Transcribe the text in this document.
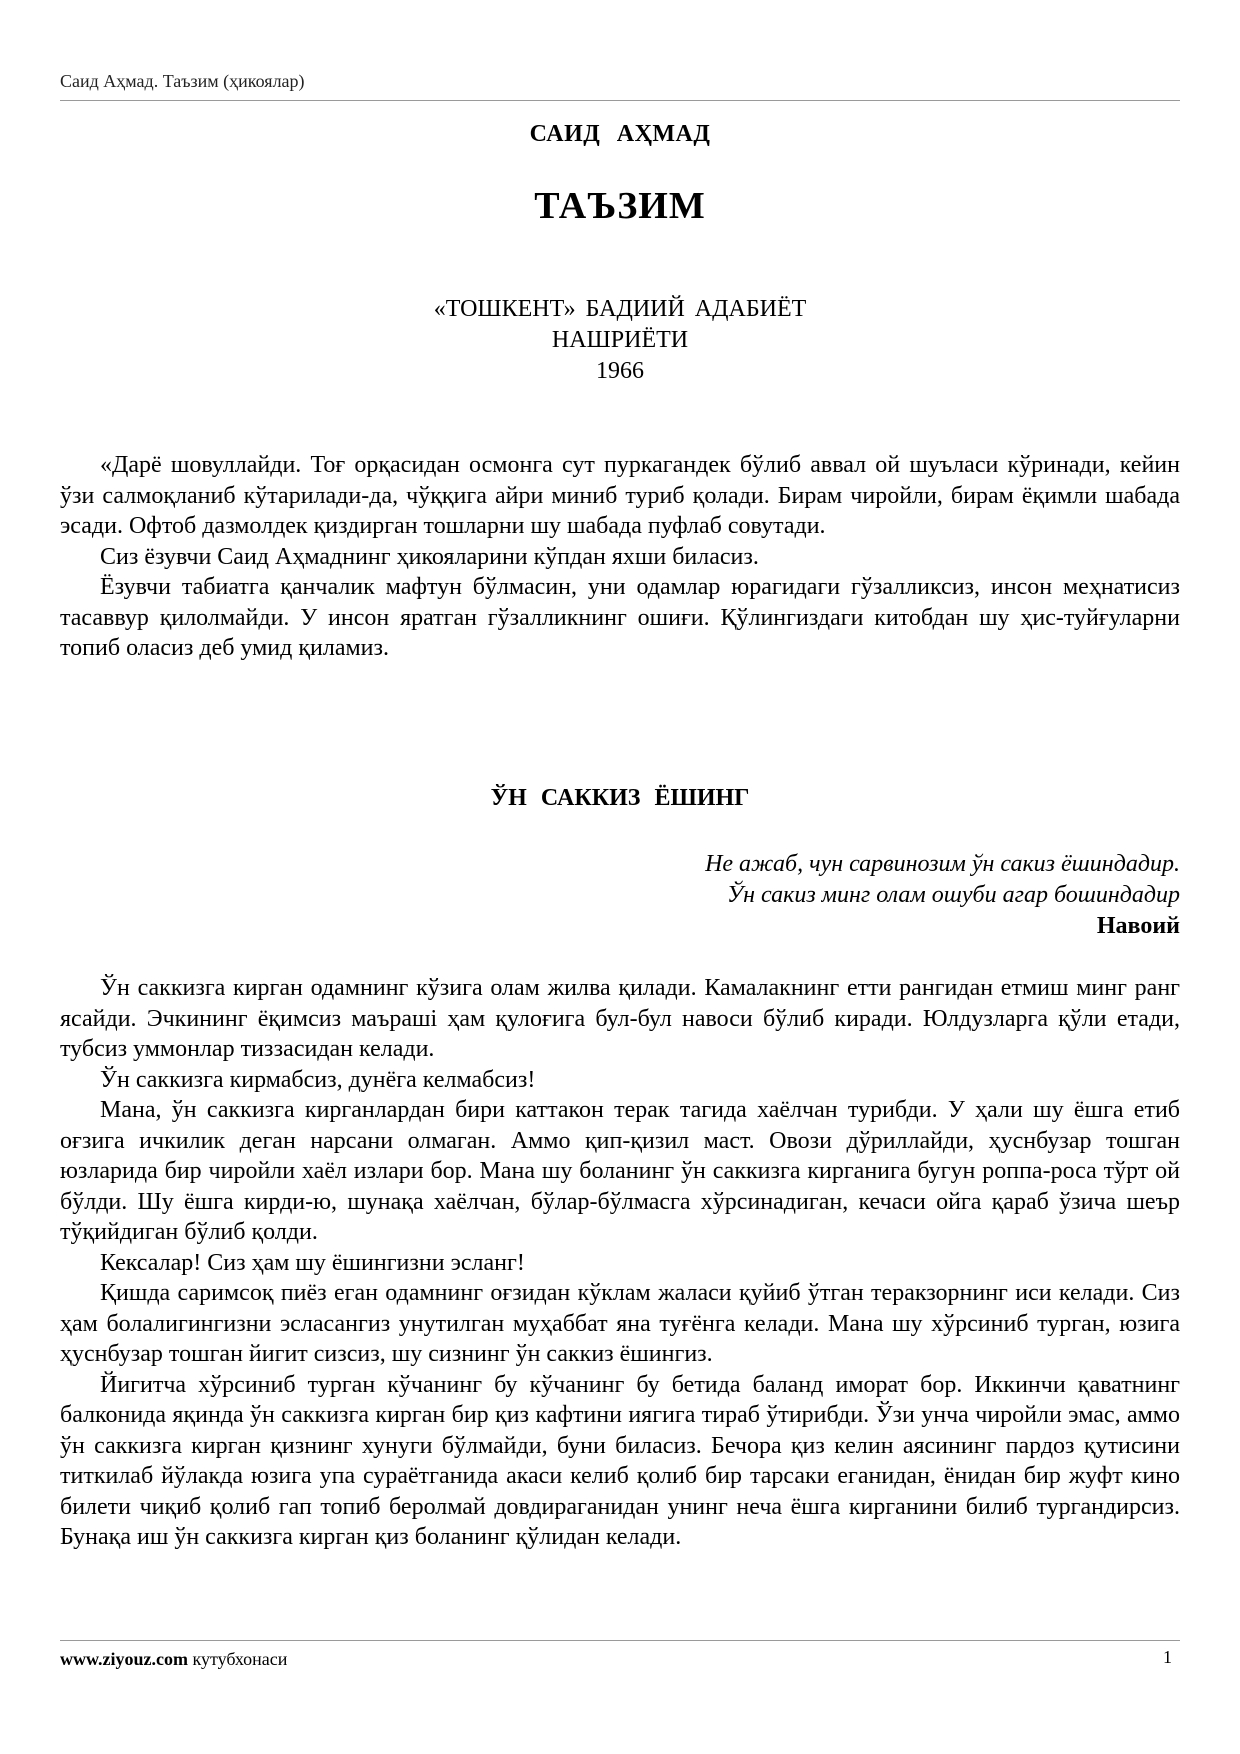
Саид Аҳмад. Таъзим (ҳикоялар)
САИД АҲМАД
ТАЪЗИМ
«ТОШКЕНТ» БАДИИЙ АДАБИЁТ
НАШРИЁТИ
1966

«Дарё шовуллайди. Тоғ орқасидан осмонга сут пуркагандек бўлиб аввал ой шуъласи кўринади, кейин ўзи салмоқланиб кўтарилади-да, чўққига айри миниб туриб қолади. Бирам чиройли, бирам ёқимли шабада эсади. Офтоб дазмолдек қиздирган тошларни шу шабада пуфлаб совутади.

Сиз ёзувчи Саид Аҳмаднинг ҳикояларини кўпдан яхши биласиз.

Ёзувчи табиатга қанчалик мафтун бўлмасин, уни одамлар юрагидаги гўзалликсиз, инсон меҳнатисиз тасаввур қилолмайди. У инсон яратган гўзалликнинг ошиғи. Қўлингиздаги китобдан шу ҳис-туйғуларни топиб оласиз деб умид қиламиз.

ЎН САККИЗ ЁШИНГ
Не ажаб, чун сарвинозим ўн сакиз ёшиндадир.
Ўн сакиз минг олам ошуби агар бошиндадир
Навоий

Ўн саккизга кирган одамнинг кўзига олам жилва қилади. Камалакнинг етти рангидан етмиш минг ранг ясайди. Эчкининг ёқимсиз маърашi ҳам қулоғига бул-бул навоси бўлиб киради. Юлдузларга қўли етади, тубсиз уммонлар тиззасидан келади.

Ўн саккизга кирмабсиз, дунёга келмабсиз!

Мана, ўн саккизга кирганлардан бири каттакон терак тагида хаёлчан турибди. У ҳали шу ёшга етиб оғзига ичкилик деган нарсани олмаган. Аммо қип-қизил маст. Овози дўриллайди, ҳуснбузар тошган юзларида бир чиройли хаёл излари бор. Мана шу боланинг ўн саккизга кирганига бугун роппа-роса тўрт ой бўлди. Шу ёшга кирди-ю, шунақа хаёлчан, бўлар-бўлмасга хўрсинадиган, кечаси ойга қараб ўзича шеър тўқийдиган бўлиб қолди.

Кексалар! Сиз ҳам шу ёшингизни эсланг!

Қишда саримсоқ пиёз еган одамнинг оғзидан кўклам жаласи қуйиб ўтган теракзорнинг иси келади. Сиз ҳам болалигингизни эсласангиз унутилган муҳаббат яна туғёнга келади. Мана шу хўрсиниб турган, юзига ҳуснбузар тошган йигит сизсиз, шу сизнинг ўн саккиз ёшингиз.

Йигитча хўрсиниб турган кўчанинг бу кўчанинг бу бетида баланд иморат бор. Иккинчи қаватнинг балконида яқинда ўн саккизга кирган бир қиз кафтини иягига тираб ўтирибди. Ўзи унча чиройли эмас, аммо ўн саккизга кирган қизнинг хунуги бўлмайди, буни биласиз. Бечора қиз келин аясининг пардоз қутисини титкилаб йўлакда юзига упа сураётганида акаси келиб қолиб бир тарсаки еганидан, ёнидан бир жуфт кино билети чиқиб қолиб гап топиб беролмай довдираганидан унинг неча ёшга кирганини билиб тургандирсиз. Бунақа иш ўн саккизга кирган қиз боланинг қўлидан келади.

www.ziyouz.com кутубхонаси	1
